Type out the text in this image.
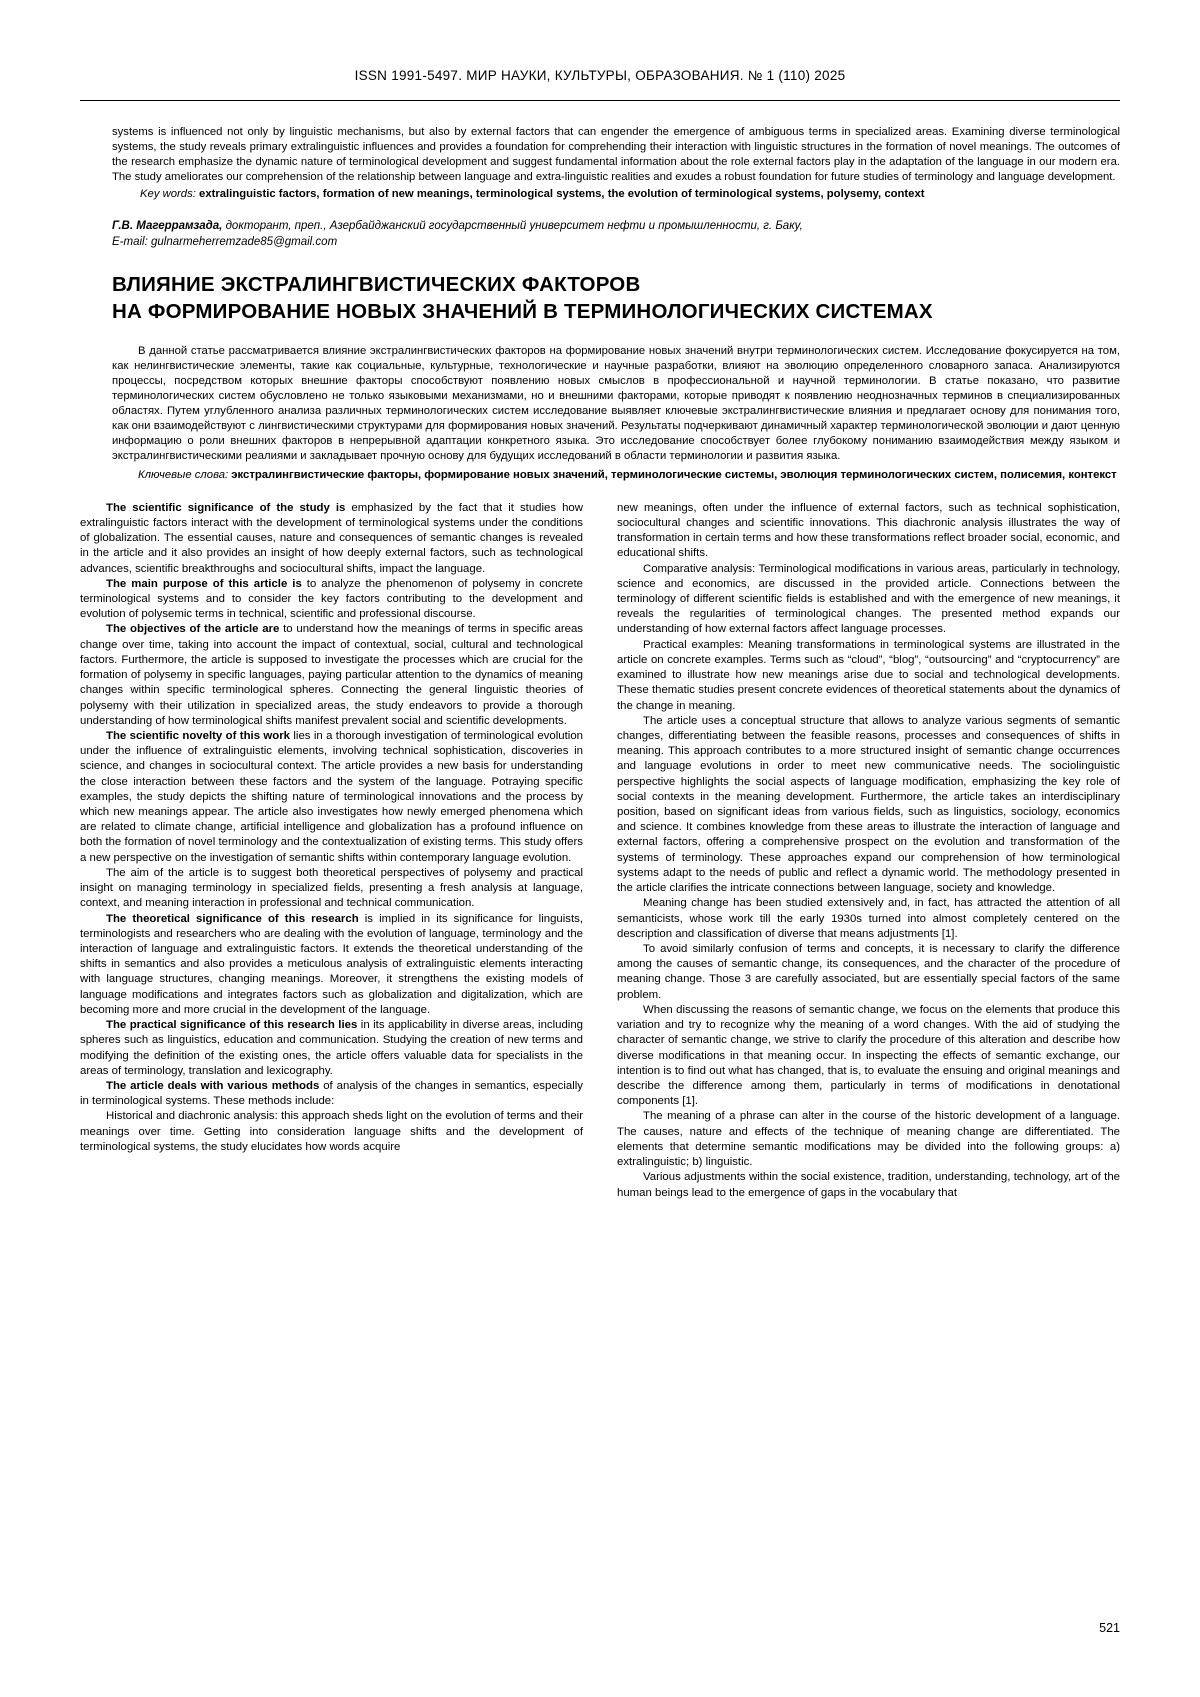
ISSN 1991-5497. МИР НАУКИ, КУЛЬТУРЫ, ОБРАЗОВАНИЯ. № 1 (110) 2025

systems is influenced not only by linguistic mechanisms, but also by external factors that can engender the emergence of ambiguous terms in specialized areas. Examining diverse terminological systems, the study reveals primary extralinguistic influences and provides a foundation for comprehending their interaction with linguistic structures in the formation of novel meanings. The outcomes of the research emphasize the dynamic nature of terminological development and suggest fundamental information about the role external factors play in the adaptation of the language in our modern era. The study ameliorates our comprehension of the relationship between language and extra-linguistic realities and exudes a robust foundation for future studies of terminology and language development.

Key words: extralinguistic factors, formation of new meanings, terminological systems, the evolution of terminological systems, polysemy, context
Г.В. Магеррамзада, докторант, преп., Азербайджанский государственный университет нефти и промышленности, г. Баку,
E-mail: gulnarmeherremzade85@gmail.com
ВЛИЯНИЕ ЭКСТРАЛИНГВИСТИЧЕСКИХ ФАКТОРОВ
НА ФОРМИРОВАНИЕ НОВЫХ ЗНАЧЕНИЙ В ТЕРМИНОЛОГИЧЕСКИХ СИСТЕМАХ

В данной статье рассматривается влияние экстралингвистических факторов на формирование новых значений внутри терминологических систем. Исследование фокусируется на том, как нелингвистические элементы, такие как социальные, культурные, технологические и научные разработки, влияют на эволюцию определенного словарного запаса. Анализируются процессы, посредством которых внешние факторы способствуют появлению новых смыслов в профессиональной и научной терминологии. В статье показано, что развитие терминологических систем обусловлено не только языковыми механизмами, но и внешними факторами, которые приводят к появлению неоднозначных терминов в специализированных областях. Путем углубленного анализа различных терминологических систем исследование выявляет ключевые экстралингвистические влияния и предлагает основу для понимания того, как они взаимодействуют с лингвистическими структурами для формирования новых значений. Результаты подчеркивают динамичный характер терминологической эволюции и дают ценную информацию о роли внешних факторов в непрерывной адаптации конкретного языка. Это исследование способствует более глубокому пониманию взаимодействия между языком и экстралингвистическими реалиями и закладывает прочную основу для будущих исследований в области терминологии и развития языка.

Ключевые слова: экстралингвистические факторы, формирование новых значений, терминологические системы, эволюция терминологических систем, полисемия, контекст

The scientific significance of the study is emphasized by the fact that it studies how extralinguistic factors interact with the development of terminological systems under the conditions of globalization. The essential causes, nature and consequences of semantic changes is revealed in the article and it also provides an insight of how deeply external factors, such as technological advances, scientific breakthroughs and sociocultural shifts, impact the language.

The main purpose of this article is to analyze the phenomenon of polysemy in concrete terminological systems and to consider the key factors contributing to the development and evolution of polysemic terms in technical, scientific and professional discourse.

The objectives of the article are to understand how the meanings of terms in specific areas change over time, taking into account the impact of contextual, social, cultural and technological factors. Furthermore, the article is supposed to investigate the processes which are crucial for the formation of polysemy in specific languages, paying particular attention to the dynamics of meaning changes within specific terminological spheres. Connecting the general linguistic theories of polysemy with their utilization in specialized areas, the study endeavors to provide a thorough understanding of how terminological shifts manifest prevalent social and scientific developments.

The scientific novelty of this work lies in a thorough investigation of terminological evolution under the influence of extralinguistic elements, involving technical sophistication, discoveries in science, and changes in sociocultural context. The article provides a new basis for understanding the close interaction between these factors and the system of the language. Potraying specific examples, the study depicts the shifting nature of terminological innovations and the process by which new meanings appear. The article also investigates how newly emerged phenomena which are related to climate change, artificial intelligence and globalization has a profound influence on both the formation of novel terminology and the contextualization of existing terms. This study offers a new perspective on the investigation of semantic shifts within contemporary language evolution.

The aim of the article is to suggest both theoretical perspectives of polysemy and practical insight on managing terminology in specialized fields, presenting a fresh analysis at language, context, and meaning interaction in professional and technical communication.

The theoretical significance of this research is implied in its significance for linguists, terminologists and researchers who are dealing with the evolution of language, terminology and the interaction of language and extralinguistic factors. It extends the theoretical understanding of the shifts in semantics and also provides a meticulous analysis of extralinguistic elements interacting with language structures, changing meanings. Moreover, it strengthens the existing models of language modifications and integrates factors such as globalization and digitalization, which are becoming more and more crucial in the development of the language.

The practical significance of this research lies in its applicability in diverse areas, including spheres such as linguistics, education and communication. Studying the creation of new terms and modifying the definition of the existing ones, the article offers valuable data for specialists in the areas of terminology, translation and lexicography.

The article deals with various methods of analysis of the changes in semantics, especially in terminological systems. These methods include:

Historical and diachronic analysis: this approach sheds light on the evolution of terms and their meanings over time. Getting into consideration language shifts and the development of terminological systems, the study elucidates how words acquire

new meanings, often under the influence of external factors, such as technical sophistication, sociocultural changes and scientific innovations. This diachronic analysis illustrates the way of transformation in certain terms and how these transformations reflect broader social, economic, and educational shifts.

Comparative analysis: Terminological modifications in various areas, particularly in technology, science and economics, are discussed in the provided article. Connections between the terminology of different scientific fields is established and with the emergence of new meanings, it reveals the regularities of terminological changes. The presented method expands our understanding of how external factors affect language processes.

Practical examples: Meaning transformations in terminological systems are illustrated in the article on concrete examples. Terms such as “cloud”, “blog”, “outsourcing” and “cryptocurrency” are examined to illustrate how new meanings arise due to social and technological developments. These thematic studies present concrete evidences of theoretical statements about the dynamics of the change in meaning.

The article uses a conceptual structure that allows to analyze various segments of semantic changes, differentiating between the feasible reasons, processes and consequences of shifts in meaning. This approach contributes to a more structured insight of semantic change occurrences and language evolutions in order to meet new communicative needs. The sociolinguistic perspective highlights the social aspects of language modification, emphasizing the key role of social contexts in the meaning development. Furthermore, the article takes an interdisciplinary position, based on significant ideas from various fields, such as linguistics, sociology, economics and science. It combines knowledge from these areas to illustrate the interaction of language and external factors, offering a comprehensive prospect on the evolution and transformation of the systems of terminology. These approaches expand our comprehension of how terminological systems adapt to the needs of public and reflect a dynamic world. The methodology presented in the article clarifies the intricate connections between language, society and knowledge.

Meaning change has been studied extensively and, in fact, has attracted the attention of all semanticists, whose work till the early 1930s turned into almost completely centered on the description and classification of diverse that means adjustments [1].

To avoid similarly confusion of terms and concepts, it is necessary to clarify the difference among the causes of semantic change, its consequences, and the character of the procedure of meaning change. Those 3 are carefully associated, but are essentially special factors of the same problem.

When discussing the reasons of semantic change, we focus on the elements that produce this variation and try to recognize why the meaning of a word changes. With the aid of studying the character of semantic change, we strive to clarify the procedure of this alteration and describe how diverse modifications in that meaning occur. In inspecting the effects of semantic exchange, our intention is to find out what has changed, that is, to evaluate the ensuing and original meanings and describe the difference among them, particularly in terms of modifications in denotational components [1].

The meaning of a phrase can alter in the course of the historic development of a language. The causes, nature and effects of the technique of meaning change are differentiated. The elements that determine semantic modifications may be divided into the following groups: a) extralinguistic; b) linguistic.

Various adjustments within the social existence, tradition, understanding, technology, art of the human beings lead to the emergence of gaps in the vocabulary that

521
